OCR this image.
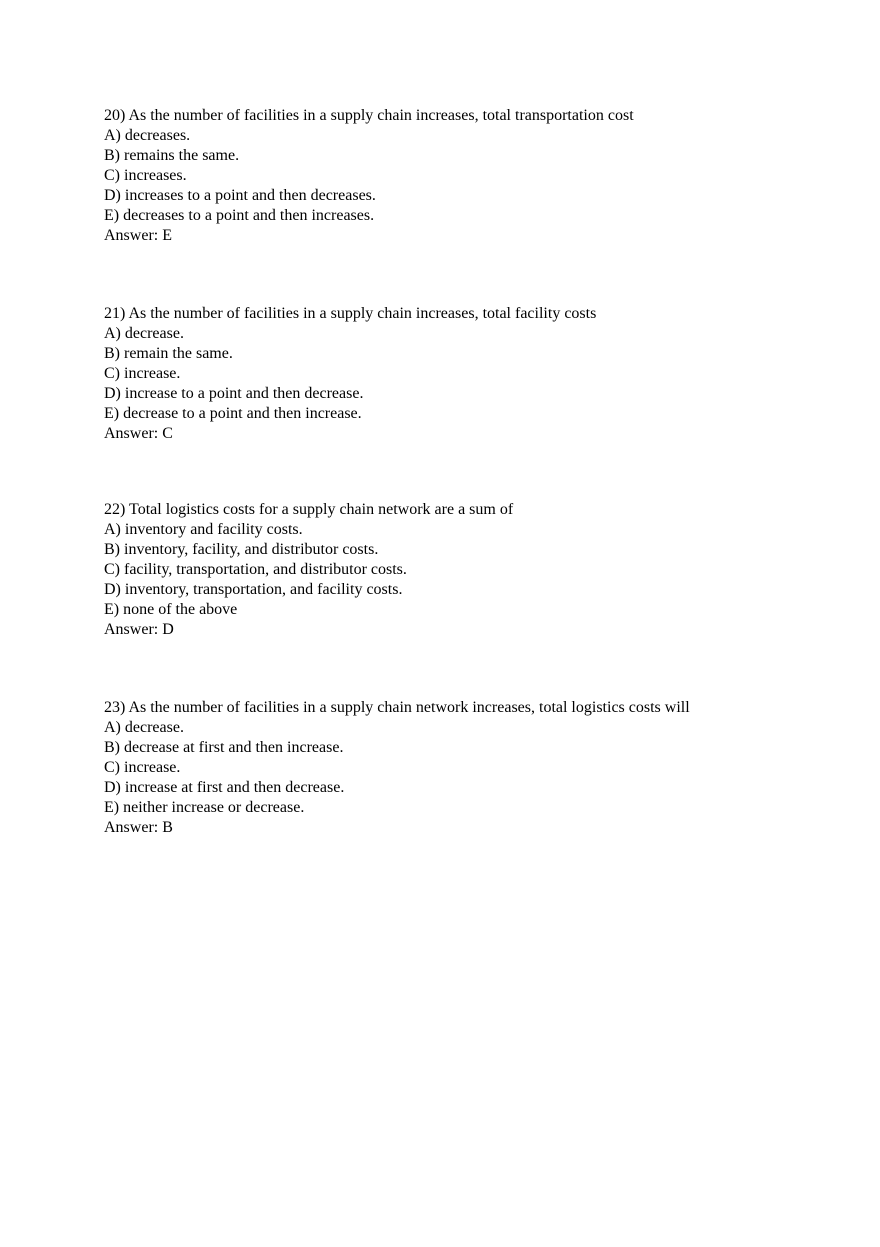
20) As the number of facilities in a supply chain increases, total transportation cost
A) decreases.
B) remains the same.
C) increases.
D) increases to a point and then decreases.
E) decreases to a point and then increases.
Answer: E
21) As the number of facilities in a supply chain increases, total facility costs
A) decrease.
B) remain the same.
C) increase.
D) increase to a point and then decrease.
E) decrease to a point and then increase.
Answer: C
22) Total logistics costs for a supply chain network are a sum of
A) inventory and facility costs.
B) inventory, facility, and distributor costs.
C) facility, transportation, and distributor costs.
D) inventory, transportation, and facility costs.
E) none of the above
Answer: D
23) As the number of facilities in a supply chain network increases, total logistics costs will
A) decrease.
B) decrease at first and then increase.
C) increase.
D) increase at first and then decrease.
E) neither increase or decrease.
Answer: B
